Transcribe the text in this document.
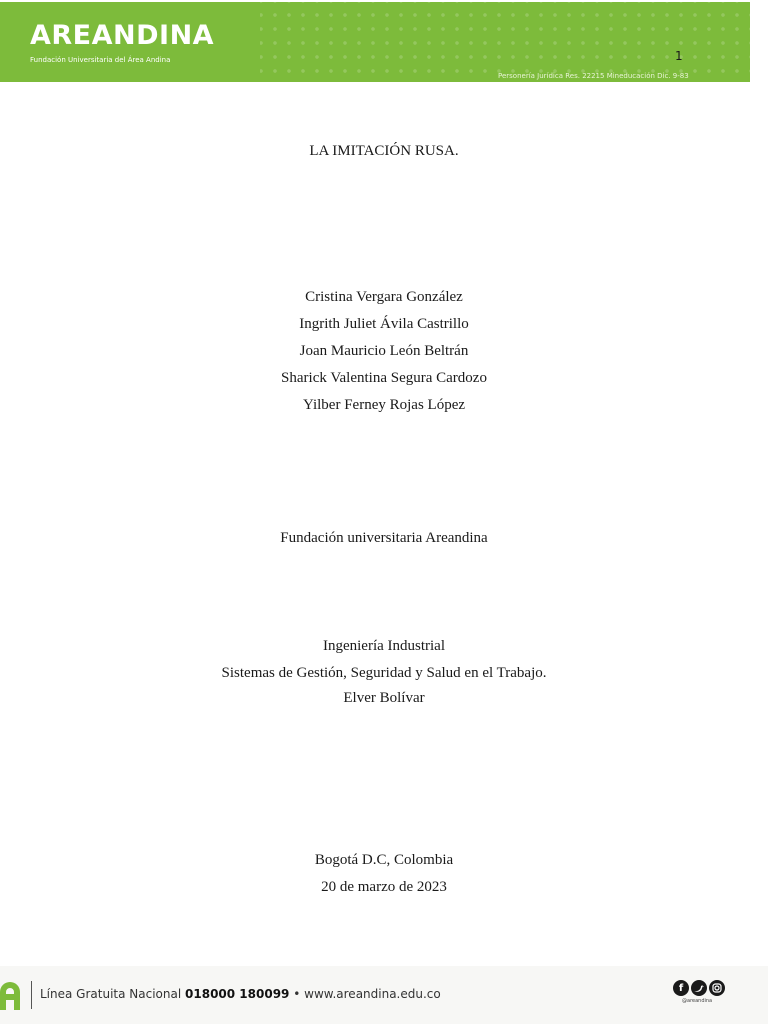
AREANDINA
Fundación Universitaria del Área Andina	1
Personería Jurídica Res. 22215 Mineducación Dic. 9-83
LA IMITACIÓN RUSA.
Cristina Vergara González
Ingrith Juliet Ávila Castrillo
Joan Mauricio León Beltrán
Sharick Valentina Segura Cardozo
Yilber Ferney Rojas López
Fundación universitaria Areandina
Ingeniería Industrial
Sistemas de Gestión, Seguridad y Salud en el Trabajo.
Elver Bolívar
Bogotá D.C, Colombia
20 de marzo de 2023
Línea Gratuita Nacional 018000 180099 • www.areandina.edu.co	f
@areandina
